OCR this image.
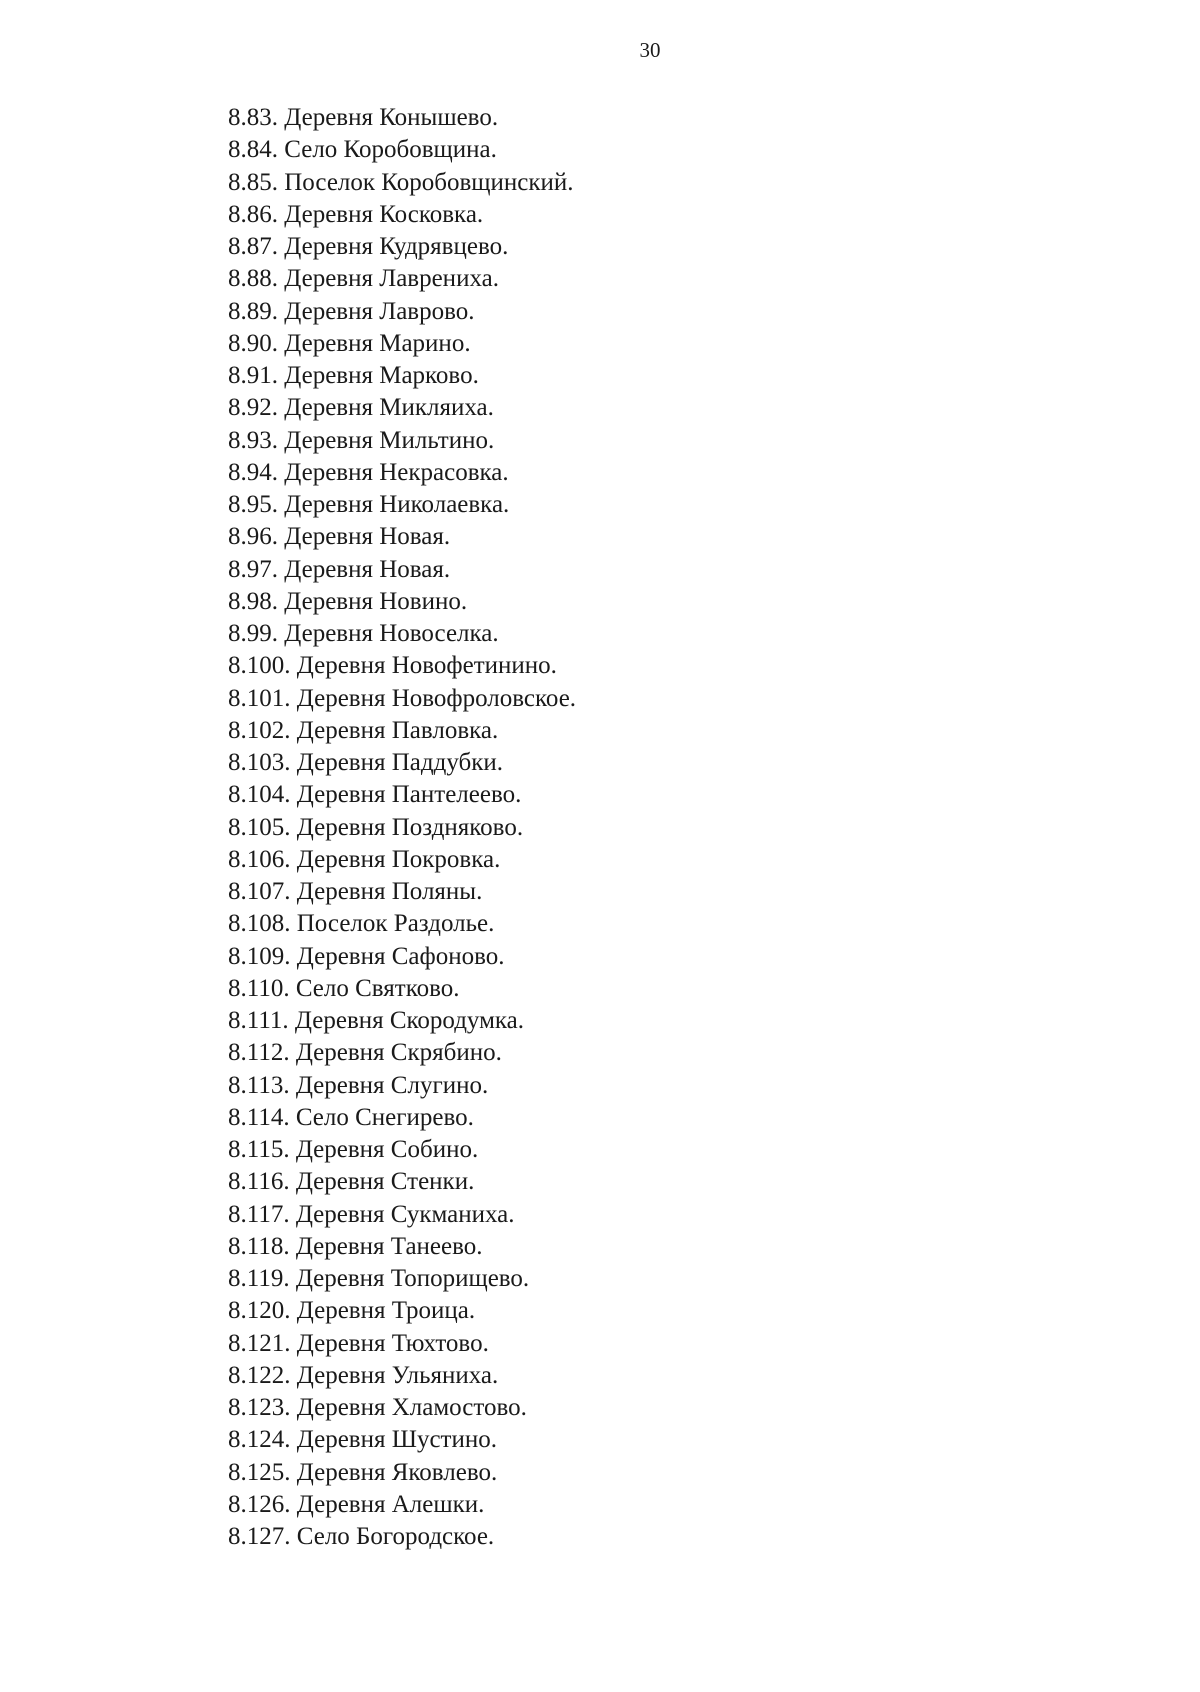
30
8.83. Деревня Конышево.
8.84. Село Коробовщина.
8.85. Поселок Коробовщинский.
8.86. Деревня Косковка.
8.87. Деревня Кудрявцево.
8.88. Деревня Лаврениха.
8.89. Деревня Лаврово.
8.90. Деревня Марино.
8.91. Деревня Марково.
8.92. Деревня Микляиха.
8.93. Деревня Мильтино.
8.94. Деревня Некрасовка.
8.95. Деревня Николаевка.
8.96. Деревня Новая.
8.97. Деревня Новая.
8.98. Деревня Новино.
8.99. Деревня Новоселка.
8.100. Деревня Новофетинино.
8.101. Деревня Новофроловское.
8.102. Деревня Павловка.
8.103. Деревня Паддубки.
8.104. Деревня Пантелеево.
8.105. Деревня Поздняково.
8.106. Деревня Покровка.
8.107. Деревня Поляны.
8.108. Поселок Раздолье.
8.109. Деревня Сафоново.
8.110. Село Святково.
8.111. Деревня Скородумка.
8.112. Деревня Скрябино.
8.113. Деревня Слугино.
8.114. Село Снегирево.
8.115. Деревня Собино.
8.116. Деревня Стенки.
8.117. Деревня Сукманиха.
8.118. Деревня Танеево.
8.119. Деревня Топорищево.
8.120. Деревня Троица.
8.121. Деревня Тюхтово.
8.122. Деревня Ульяниха.
8.123. Деревня Хламостово.
8.124. Деревня Шустино.
8.125. Деревня Яковлево.
8.126. Деревня Алешки.
8.127. Село Богородское.
